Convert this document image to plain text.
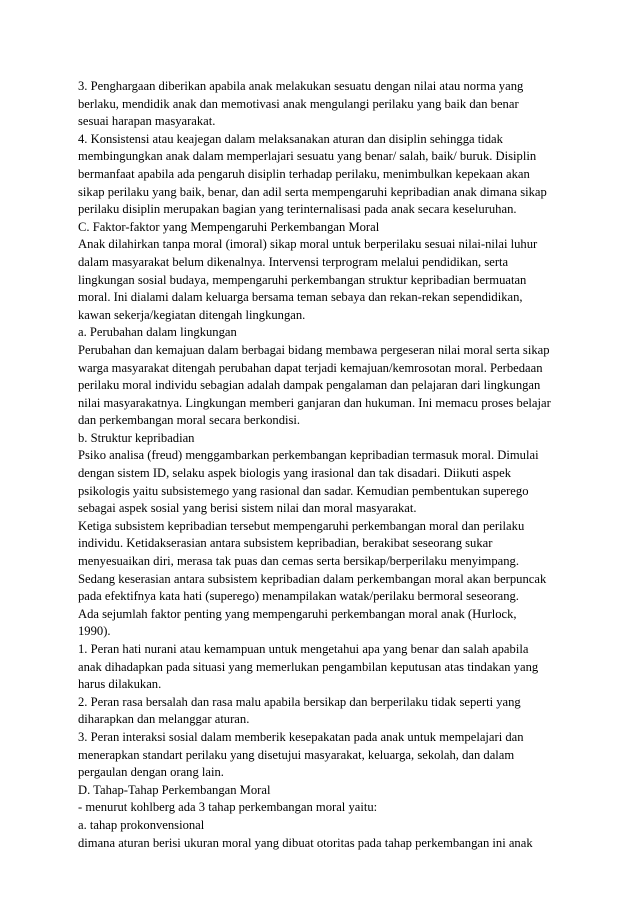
3. Penghargaan diberikan apabila anak melakukan sesuatu dengan nilai atau norma yang
berlaku, mendidik anak dan memotivasi anak mengulangi perilaku yang baik dan benar
sesuai harapan masyarakat.
4. Konsistensi atau keajegan dalam melaksanakan aturan dan disiplin sehingga tidak
membingungkan anak dalam memperlajari sesuatu yang benar/ salah, baik/ buruk. Disiplin
bermanfaat apabila ada pengaruh disiplin terhadap perilaku, menimbulkan kepekaan akan
sikap perilaku yang baik, benar, dan adil serta mempengaruhi kepribadian anak dimana sikap
perilaku disiplin merupakan bagian yang terinternalisasi pada anak secara keseluruhan.
C. Faktor-faktor yang Mempengaruhi Perkembangan Moral
Anak dilahirkan tanpa moral (imoral) sikap moral untuk berperilaku sesuai nilai-nilai luhur
dalam masyarakat belum dikenalnya. Intervensi terprogram melalui pendidikan, serta
lingkungan sosial budaya, mempengaruhi perkembangan struktur kepribadian bermuatan
moral. Ini dialami dalam keluarga bersama teman sebaya dan rekan-rekan sependidikan,
kawan sekerja/kegiatan ditengah lingkungan.
a. Perubahan dalam lingkungan
Perubahan dan kemajuan dalam berbagai bidang membawa pergeseran nilai moral serta sikap
warga masyarakat ditengah perubahan dapat terjadi kemajuan/kemrosotan moral. Perbedaan
perilaku moral individu sebagian adalah dampak pengalaman dan pelajaran dari lingkungan
nilai masyarakatnya. Lingkungan memberi ganjaran dan hukuman. Ini memacu proses belajar
dan perkembangan moral secara berkondisi.
b. Struktur kepribadian
Psiko analisa (freud) menggambarkan perkembangan kepribadian termasuk moral. Dimulai
dengan sistem ID, selaku aspek biologis yang irasional dan tak disadari. Diikuti aspek
psikologis yaitu subsistemego yang rasional dan sadar. Kemudian pembentukan superego
sebagai aspek sosial yang berisi sistem nilai dan moral masyarakat.
Ketiga subsistem kepribadian tersebut mempengaruhi perkembangan moral dan perilaku
individu. Ketidakserasian antara subsistem kepribadian, berakibat seseorang sukar
menyesuaikan diri, merasa tak puas dan cemas serta bersikap/berperilaku menyimpang.
Sedang keserasian antara subsistem kepribadian dalam perkembangan moral akan berpuncak
pada efektifnya kata hati (superego) menampilakan watak/perilaku bermoral seseorang.
Ada sejumlah faktor penting yang mempengaruhi perkembangan moral anak (Hurlock,
1990).
1. Peran hati nurani atau kemampuan untuk mengetahui apa yang benar dan salah apabila
anak dihadapkan pada situasi yang memerlukan pengambilan keputusan atas tindakan yang
harus dilakukan.
2. Peran rasa bersalah dan rasa malu apabila bersikap dan berperilaku tidak seperti yang
diharapkan dan melanggar aturan.
3. Peran interaksi sosial dalam memberik kesepakatan pada anak untuk mempelajari dan
menerapkan standart perilaku yang disetujui masyarakat, keluarga, sekolah, dan dalam
pergaulan dengan orang lain.
D. Tahap-Tahap Perkembangan Moral
- menurut kohlberg ada 3 tahap perkembangan moral yaitu:
a. tahap prokonvensional
dimana aturan berisi ukuran moral yang dibuat otoritas pada tahap perkembangan ini anak
